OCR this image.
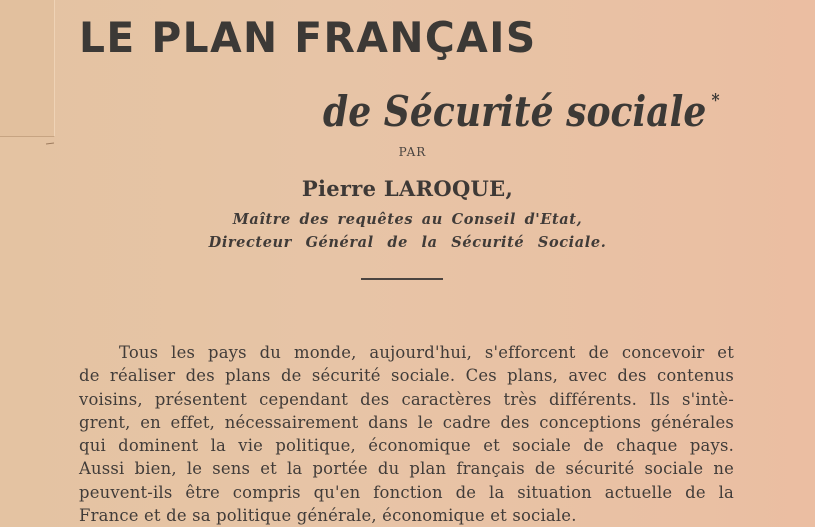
LE PLAN FRANÇAIS
de Sécurité sociale *
PAR
Pierre LAROQUE,
Maître des requêtes au Conseil d'Etat,
Directeur Général de la Sécurité Sociale.
Tous les pays du monde, aujourd'hui, s'efforcent de concevoir et
de réaliser des plans de sécurité sociale. Ces plans, avec des contenus
voisins, présentent cependant des caractères très différents. Ils s'intè-
grent, en effet, nécessairement dans le cadre des conceptions générales
qui dominent la vie politique, économique et sociale de chaque pays.
Aussi bien, le sens et la portée du plan français de sécurité sociale ne
peuvent-ils être compris qu'en fonction de la situation actuelle de la
France et de sa politique générale, économique et sociale.
